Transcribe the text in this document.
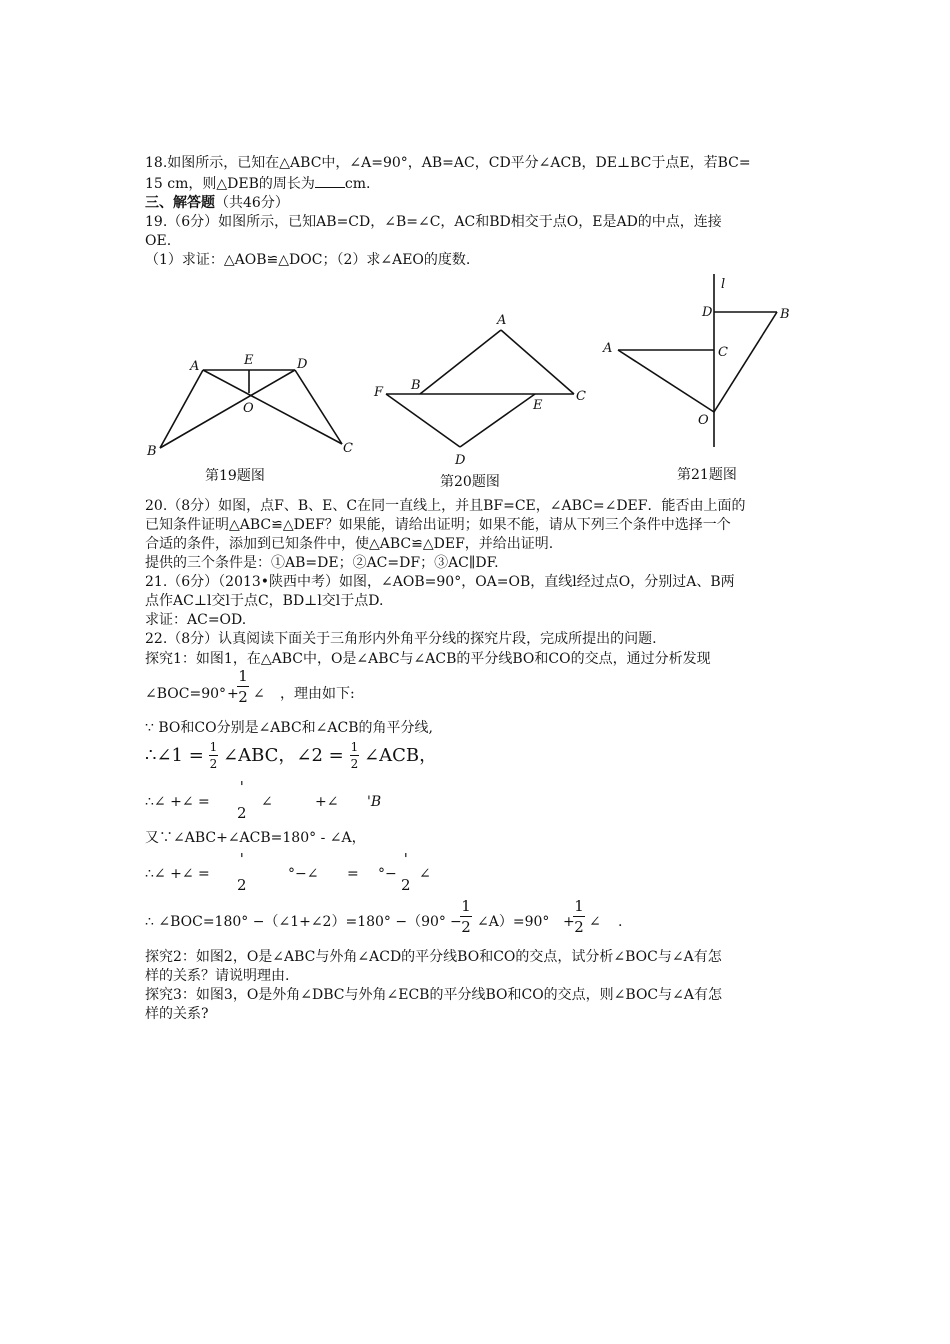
18.如图所示，已知在△ABC中，∠A=90°，AB=AC，CD平分∠ACB，DE⊥BC于点E，若BC=
15 cm，则△DEB的周长为 cm.
三、解答题（共46分）
19.（6分）如图所示，已知AB=CD，∠B=∠C，AC和BD相交于点O，E是AD的中点，连接
OE.
（1）求证：△AOB≌△DOC；（2）求∠AEO的度数.
A	E	D
O
B	C
第19题图
A
F B
E
C
D
第20题图
l
D	B
A	C
O
第21题图
20.（8分）如图，点F、B、E、C在同一直线上，并且BF=CE，∠ABC=∠DEF．能否由上面的
已知条件证明△ABC≌△DEF？如果能，请给出证明；如果不能，请从下列三个条件中选择一个
合适的条件，添加到已知条件中，使△ABC≌△DEF，并给出证明.
提供的三个条件是：①AB=DE；②AC=DF；③AC∥DF.
21.（6分）（2013•陕西中考）如图，∠AOB=90°，OA=OB，直线l经过点O，分别过A、B两
点作AC⊥l交l于点C，BD⊥l交l于点D.
求证：AC=OD.
22.（8分）认真阅读下面关于三角形内外角平分线的探究片段，完成所提出的问题.
探究1：如图1，在△ABC中，O是∠ABC与∠ACB的平分线BO和CO的交点，通过分析发现
∠BOC=90° +
1
2 ∠ ，理由如下:
∵ BO和CO分别是∠ABC和∠ACB的角平分线,
∴∠1 = 1
2 ∠ABC，∠2 = 1
2 ∠ACB，
∴∠ +∠ =
'
2
∠	+∠ 'B
又∵∠ABC+∠ACB=180° - ∠A，
∴∠ +∠ =
'
2
°−∠ = °−
'
2
∠
∴ ∠BOC=180° −（∠1+∠2）=180° −（90° −
1
2 ∠A）=90° +
1
2 ∠ .
探究2：如图2，O是∠ABC与外角∠ACD的平分线BO和CO的交点，试分析∠BOC与∠A有怎
样的关系？请说明理由.
探究3：如图3，O是外角∠DBC与外角∠ECB的平分线BO和CO的交点，则∠BOC与∠A有怎
样的关系?
